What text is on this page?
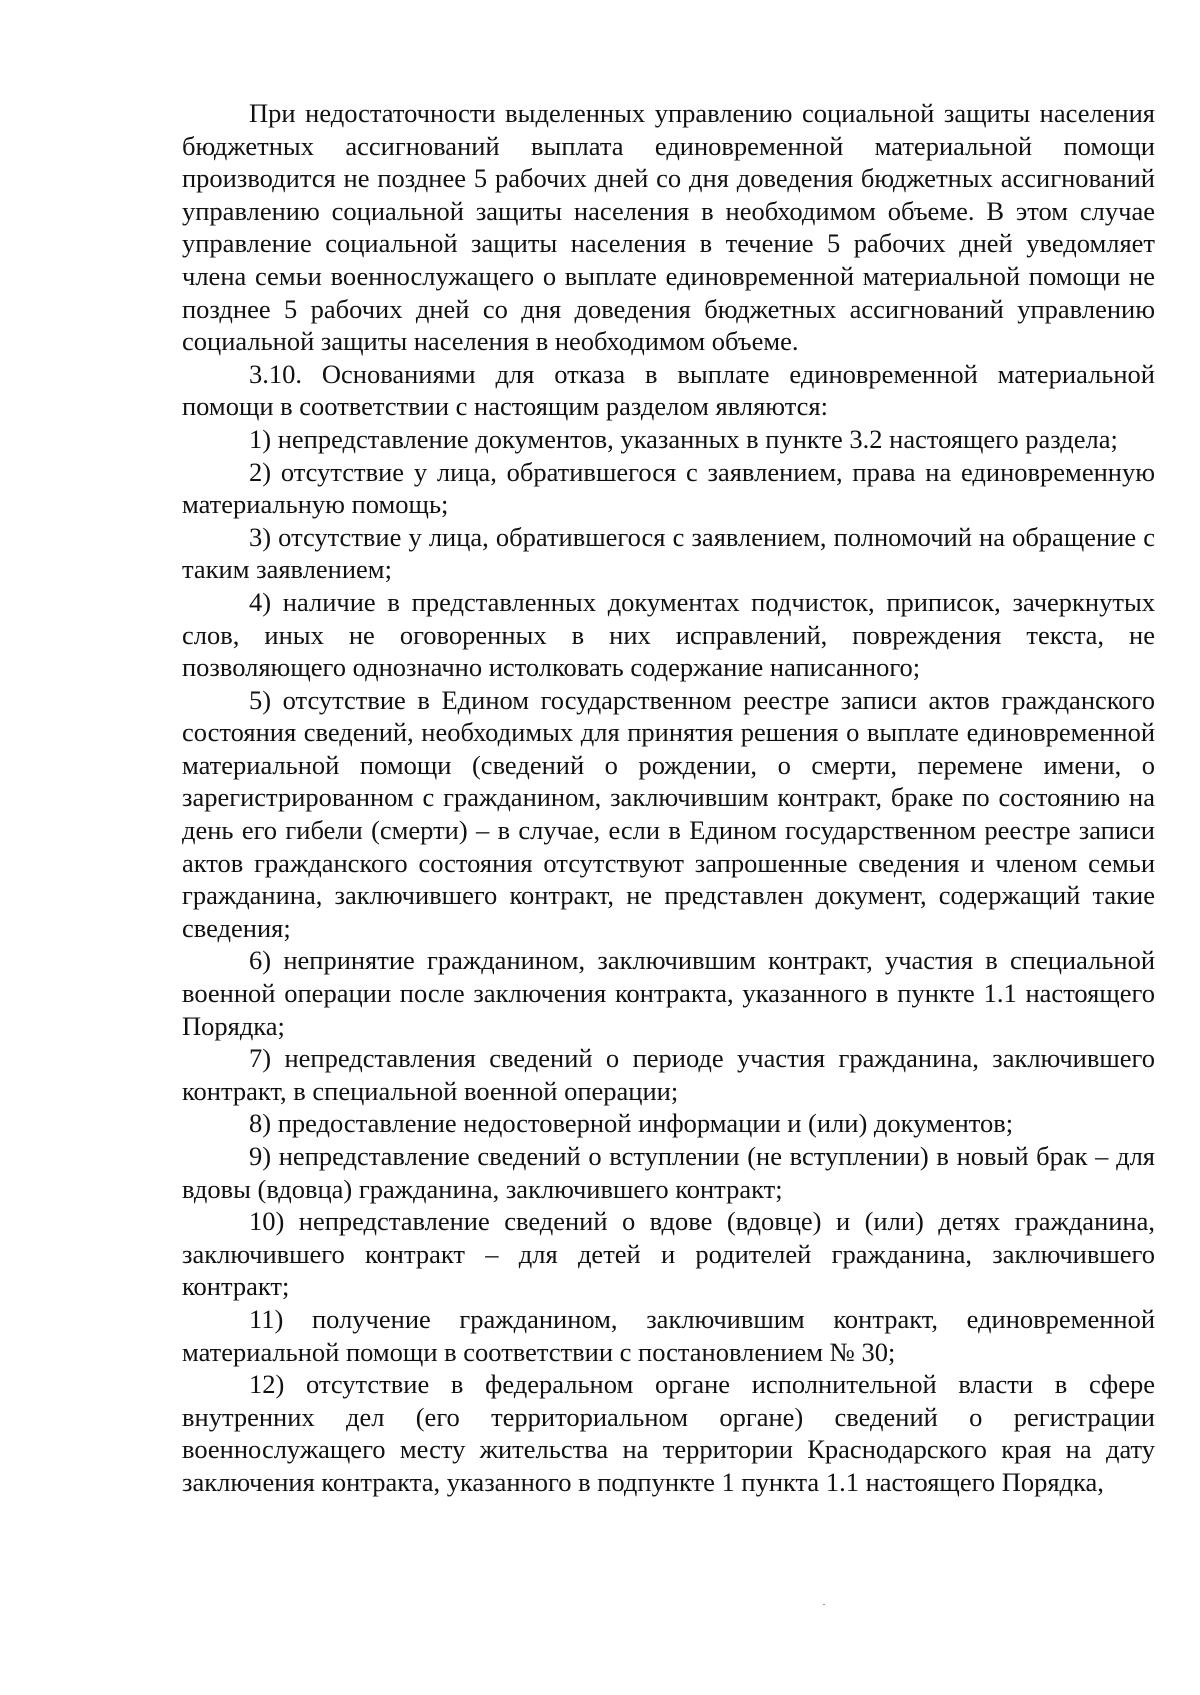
При недостаточности выделенных управлению социальной защиты населения бюджетных ассигнований выплата единовременной материальной помощи производится не позднее 5 рабочих дней со дня доведения бюджетных ассигнований управлению социальной защиты населения в необходимом объеме. В этом случае управление социальной защиты населения в течение 5 рабочих дней уведомляет члена семьи военнослужащего о выплате единовременной материальной помощи не позднее 5 рабочих дней со дня доведения бюджетных ассигнований управлению социальной защиты населения в необходимом объеме.

3.10. Основаниями для отказа в выплате единовременной материальной помощи в соответствии с настоящим разделом являются:

1) непредставление документов, указанных в пункте 3.2 настоящего раздела;

2) отсутствие у лица, обратившегося с заявлением, права на единовременную материальную помощь;

3) отсутствие у лица, обратившегося с заявлением, полномочий на обращение с таким заявлением;

4) наличие в представленных документах подчисток, приписок, зачеркнутых слов, иных не оговоренных в них исправлений, повреждения текста, не позволяющего однозначно истолковать содержание написанного;

5) отсутствие в Едином государственном реестре записи актов гражданского состояния сведений, необходимых для принятия решения о выплате единовременной материальной помощи (сведений о рождении, о смерти, перемене имени, о зарегистрированном с гражданином, заключившим контракт, браке по состоянию на день его гибели (смерти) – в случае, если в Едином государственном реестре записи актов гражданского состояния отсутствуют запрошенные сведения и членом семьи гражданина, заключившего контракт, не представлен документ, содержащий такие сведения;

6) непринятие гражданином, заключившим контракт, участия в специальной военной операции после заключения контракта, указанного в пункте 1.1 настоящего Порядка;

7) непредставления сведений о периоде участия гражданина, заключившего контракт, в специальной военной операции;

8) предоставление недостоверной информации и (или) документов;

9) непредставление сведений о вступлении (не вступлении) в новый брак – для вдовы (вдовца) гражданина, заключившего контракт;

10) непредставление сведений о вдове (вдовце) и (или) детях гражданина, заключившего контракт – для детей и родителей гражданина, заключившего контракт;

11) получение гражданином, заключившим контракт, единовременной материальной помощи в соответствии с постановлением № 30;

12) отсутствие в федеральном органе исполнительной власти в сфере внутренних дел (его территориальном органе) сведений о регистрации военнослужащего месту жительства на территории Краснодарского края на дату заключения контракта, указанного в подпункте 1 пункта 1.1 настоящего Порядка,
